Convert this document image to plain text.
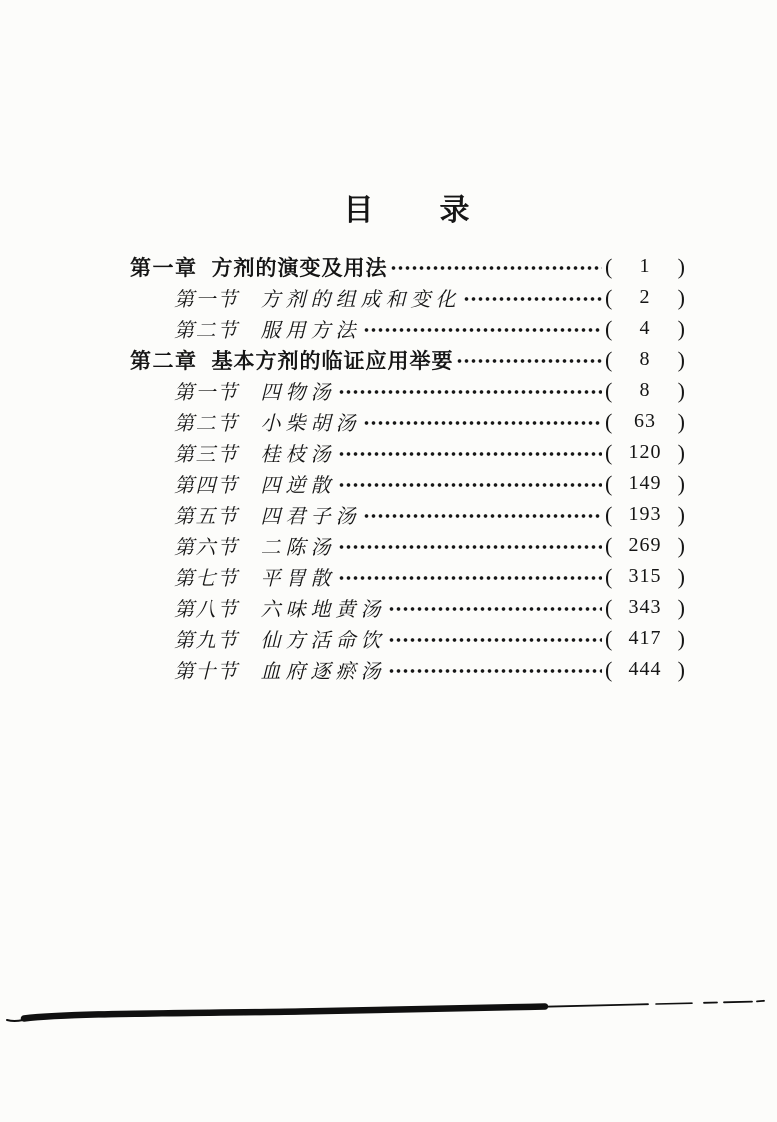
目　　录
第一章 方剂的演变及用法	( 1 )
第一节 方剂的组成和变化	( 2 )
第二节 服用方法	( 4 )
第二章 基本方剂的临证应用举要	( 8 )
第一节 四物汤	( 8 )
第二节 小柴胡汤	( 63 )
第三节 桂枝汤	( 120 )
第四节 四逆散	( 149 )
第五节 四君子汤	( 193 )
第六节 二陈汤	( 269 )
第七节 平胃散	( 315 )
第八节 六味地黄汤	( 343 )
第九节 仙方活命饮	( 417 )
第十节 血府逐瘀汤	( 444 )
